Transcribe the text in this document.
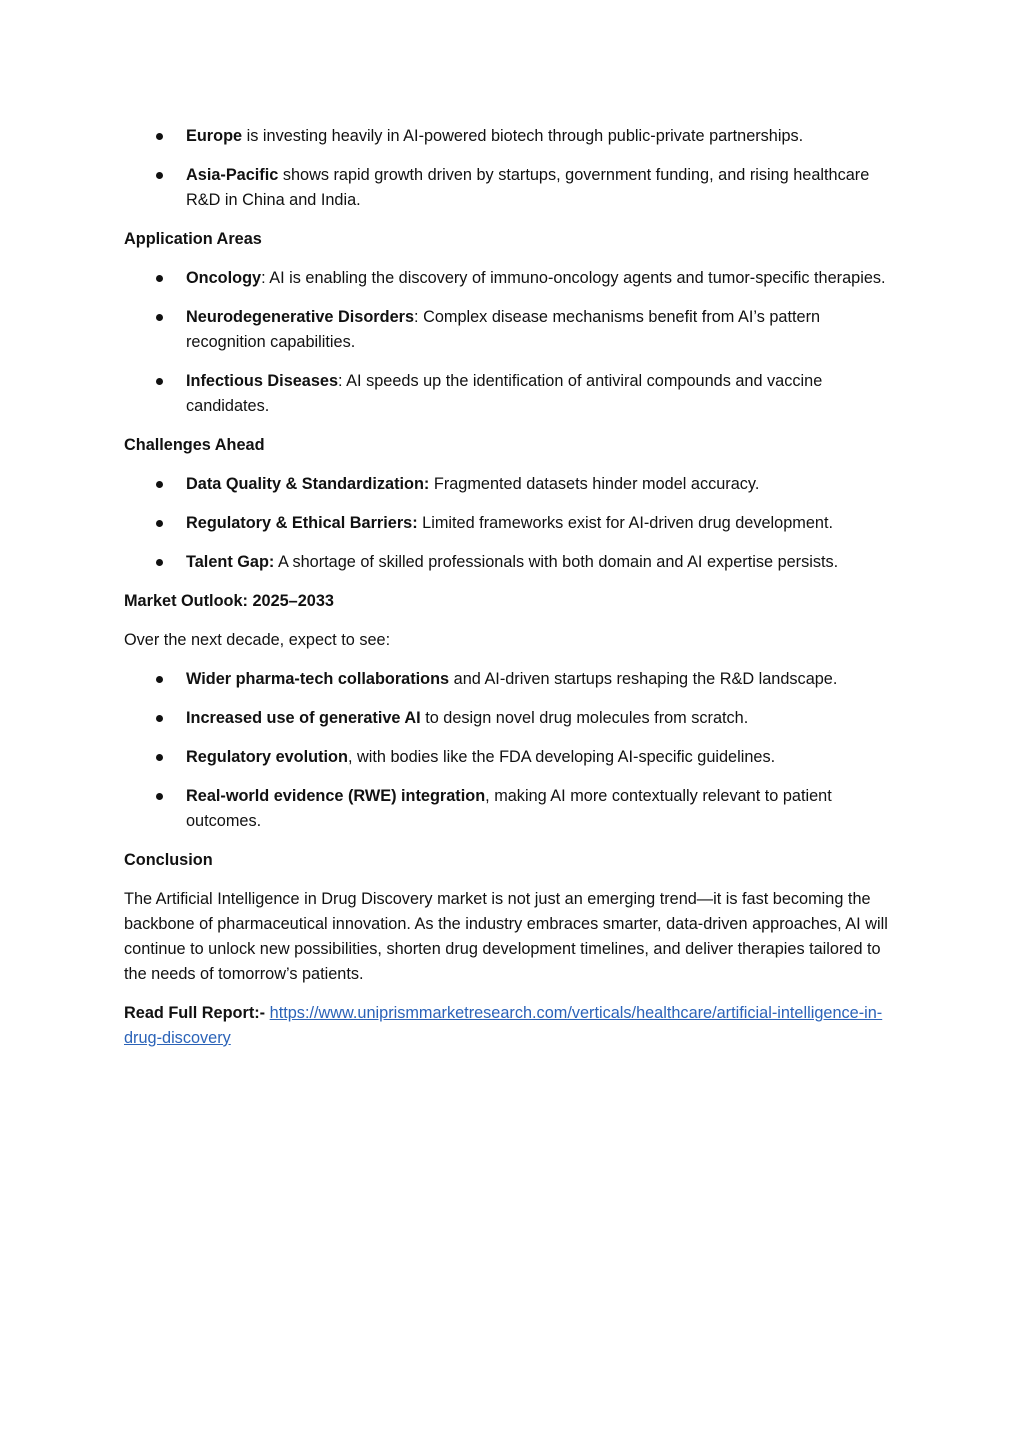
Europe is investing heavily in AI-powered biotech through public-private partnerships.
Asia-Pacific shows rapid growth driven by startups, government funding, and rising healthcare R&D in China and India.

Application Areas

Oncology: AI is enabling the discovery of immuno-oncology agents and tumor-specific therapies.
Neurodegenerative Disorders: Complex disease mechanisms benefit from AI’s pattern recognition capabilities.
Infectious Diseases: AI speeds up the identification of antiviral compounds and vaccine candidates.

Challenges Ahead

Data Quality & Standardization: Fragmented datasets hinder model accuracy.
Regulatory & Ethical Barriers: Limited frameworks exist for AI-driven drug development.
Talent Gap: A shortage of skilled professionals with both domain and AI expertise persists.

Market Outlook: 2025–2033

Over the next decade, expect to see:

Wider pharma-tech collaborations and AI-driven startups reshaping the R&D landscape.
Increased use of generative AI to design novel drug molecules from scratch.
Regulatory evolution, with bodies like the FDA developing AI-specific guidelines.
Real-world evidence (RWE) integration, making AI more contextually relevant to patient outcomes.

Conclusion

The Artificial Intelligence in Drug Discovery market is not just an emerging trend—it is fast becoming the backbone of pharmaceutical innovation. As the industry embraces smarter, data-driven approaches, AI will continue to unlock new possibilities, shorten drug development timelines, and deliver therapies tailored to the needs of tomorrow’s patients.

Read Full Report:- https://www.uniprismmarketresearch.com/verticals/healthcare/artificial-intelligence-in-drug-discovery
